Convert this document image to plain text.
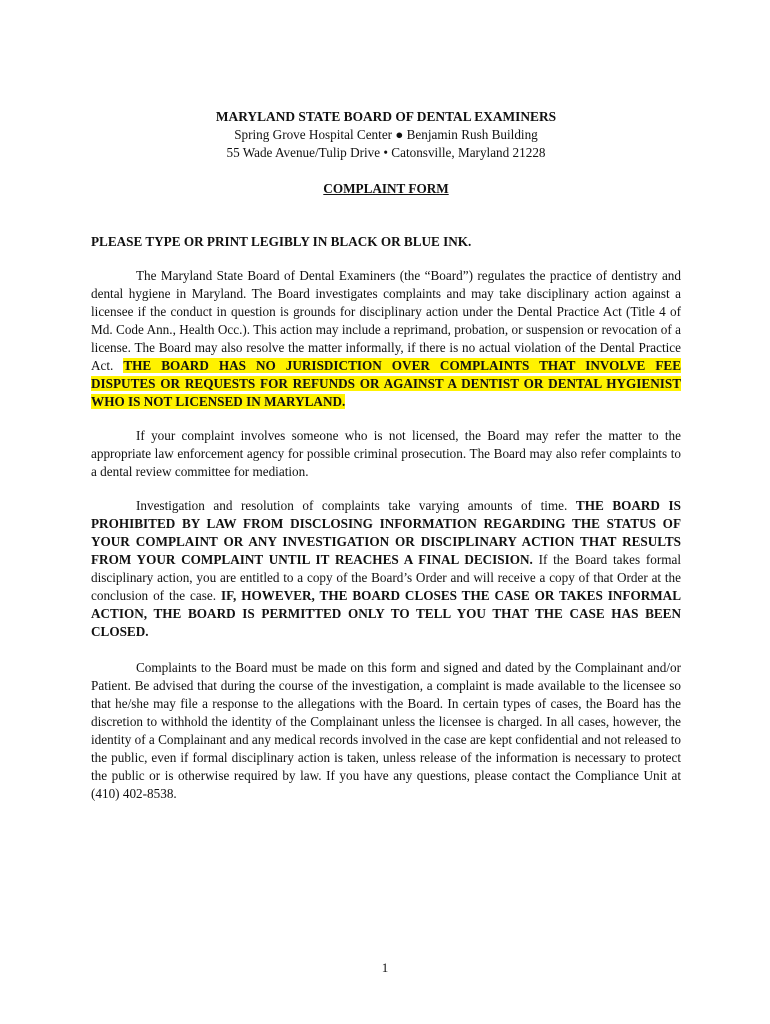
MARYLAND STATE BOARD OF DENTAL EXAMINERS

Spring Grove Hospital Center ● Benjamin Rush Building

55 Wade Avenue/Tulip Drive • Catonsville, Maryland 21228

COMPLAINT FORM

PLEASE TYPE OR PRINT LEGIBLY IN BLACK OR BLUE INK.

The Maryland State Board of Dental Examiners (the “Board”) regulates the practice of dentistry and dental hygiene in Maryland. The Board investigates complaints and may take disciplinary action against a licensee if the conduct in question is grounds for disciplinary action under the Dental Practice Act (Title 4 of Md. Code Ann., Health Occ.). This action may include a reprimand, probation, or suspension or revocation of a license. The Board may also resolve the matter informally, if there is no actual violation of the Dental Practice Act. THE BOARD HAS NO JURISDICTION OVER COMPLAINTS THAT INVOLVE FEE DISPUTES OR REQUESTS FOR REFUNDS OR AGAINST A DENTIST OR DENTAL HYGIENIST WHO IS NOT LICENSED IN MARYLAND.

If your complaint involves someone who is not licensed, the Board may refer the matter to the appropriate law enforcement agency for possible criminal prosecution. The Board may also refer complaints to a dental review committee for mediation.

Investigation and resolution of complaints take varying amounts of time. THE BOARD IS PROHIBITED BY LAW FROM DISCLOSING INFORMATION REGARDING THE STATUS OF YOUR COMPLAINT OR ANY INVESTIGATION OR DISCIPLINARY ACTION THAT RESULTS FROM YOUR COMPLAINT UNTIL IT REACHES A FINAL DECISION. If the Board takes formal disciplinary action, you are entitled to a copy of the Board’s Order and will receive a copy of that Order at the conclusion of the case. IF, HOWEVER, THE BOARD CLOSES THE CASE OR TAKES INFORMAL ACTION, THE BOARD IS PERMITTED ONLY TO TELL YOU THAT THE CASE HAS BEEN CLOSED.

Complaints to the Board must be made on this form and signed and dated by the Complainant and/or Patient. Be advised that during the course of the investigation, a complaint is made available to the licensee so that he/she may file a response to the allegations with the Board. In certain types of cases, the Board has the discretion to withhold the identity of the Complainant unless the licensee is charged. In all cases, however, the identity of a Complainant and any medical records involved in the case are kept confidential and not released to the public, even if formal disciplinary action is taken, unless release of the information is necessary to protect the public or is otherwise required by law. If you have any questions, please contact the Compliance Unit at (410) 402-8538.

1
